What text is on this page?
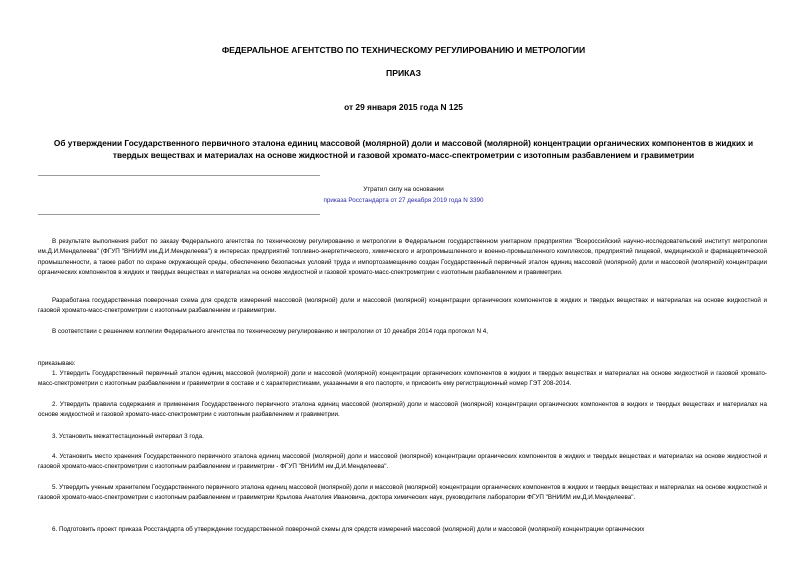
ФЕДЕРАЛЬНОЕ АГЕНТСТВО ПО ТЕХНИЧЕСКОМУ РЕГУЛИРОВАНИЮ И МЕТРОЛОГИИ
ПРИКАЗ
от 29 января 2015 года N 125
Об утверждении Государственного первичного эталона единиц массовой (молярной) доли и массовой (молярной) концентрации органических компонентов в жидких и твердых веществах и материалах на основе жидкостной и газовой хромато-масс-спектрометрии с изотопным разбавлением и гравиметрии
Утратил силу на основании
приказа Росстандарта от 27 декабря 2019 года N 3390
В результате выполнения работ по заказу Федерального агентства по техническому регулированию и метрологии в Федеральном государственном унитарном предприятии "Всероссийский научно-исследовательский институт метрологии им.Д.И.Менделеева" (ФГУП "ВНИИМ им.Д.И.Менделеева") в интересах предприятий топливно-энергетического, химического и агропромышленного и военно-промышленного комплексов, предприятий пищевой, медицинской и фармацевтической промышленности, а также работ по охране окружающей среды, обеспечению безопасных условий труда и импортозамещению создан Государственный первичный эталон единиц массовой (молярной) доли и массовой (молярной) концентрации органических компонентов в жидких и твердых веществах и материалах на основе жидкостной и газовой хромато-масс-спектрометрии с изотопным разбавлением и гравиметрии.
Разработана государственная поверочная схема для средств измерений массовой (молярной) доли и массовой (молярной) концентрации органических компонентов в жидких и твердых веществах и материалах на основе жидкостной и газовой хромато-масс-спектрометрии с изотопным разбавлением и гравиметрии.
В соответствии с решением коллегии Федерального агентства по техническому регулированию и метрологии от 10 декабря 2014 года протокол N 4,
приказываю:
1. Утвердить Государственный первичный эталон единиц массовой (молярной) доли и массовой (молярной) концентрации органических компонентов в жидких и твердых веществах и материалах на основе жидкостной и газовой хромато-масс-спектрометрии с изотопным разбавлением и гравиметрии в составе и с характеристиками, указанными в его паспорте, и присвоить ему регистрационный номер ГЭТ 208-2014.
2. Утвердить правила содержания и применения Государственного первичного эталона единиц массовой (молярной) доли и массовой (молярной) концентрации органических компонентов в жидких и твердых веществах и материалах на основе жидкостной и газовой хромато-масс-спектрометрии с изотопным разбавлением и гравиметрии.
3. Установить межаттестационный интервал 3 года.
4. Установить место хранения Государственного первичного эталона единиц массовой (молярной) доли и массовой (молярной) концентрации органических компонентов в жидких и твердых веществах и материалах на основе жидкостной и газовой хромато-масс-спектрометрии с изотопным разбавлением и гравиметрии - ФГУП "ВНИИМ им.Д.И.Менделеева".
5. Утвердить ученым хранителем Государственного первичного эталона единиц массовой (молярной) доли и массовой (молярной) концентрации органических компонентов в жидких и твердых веществах и материалах на основе жидкостной и газовой хромато-масс-спектрометрии с изотопным разбавлением и гравиметрии Крылова Анатолия Ивановича, доктора химических наук, руководителя лаборатории ФГУП "ВНИИМ им.Д.И.Менделеева".
6. Подготовить проект приказа Росстандарта об утверждении государственной поверочной схемы для средств измерений массовой (молярной) доли и массовой (молярной) концентрации органических
